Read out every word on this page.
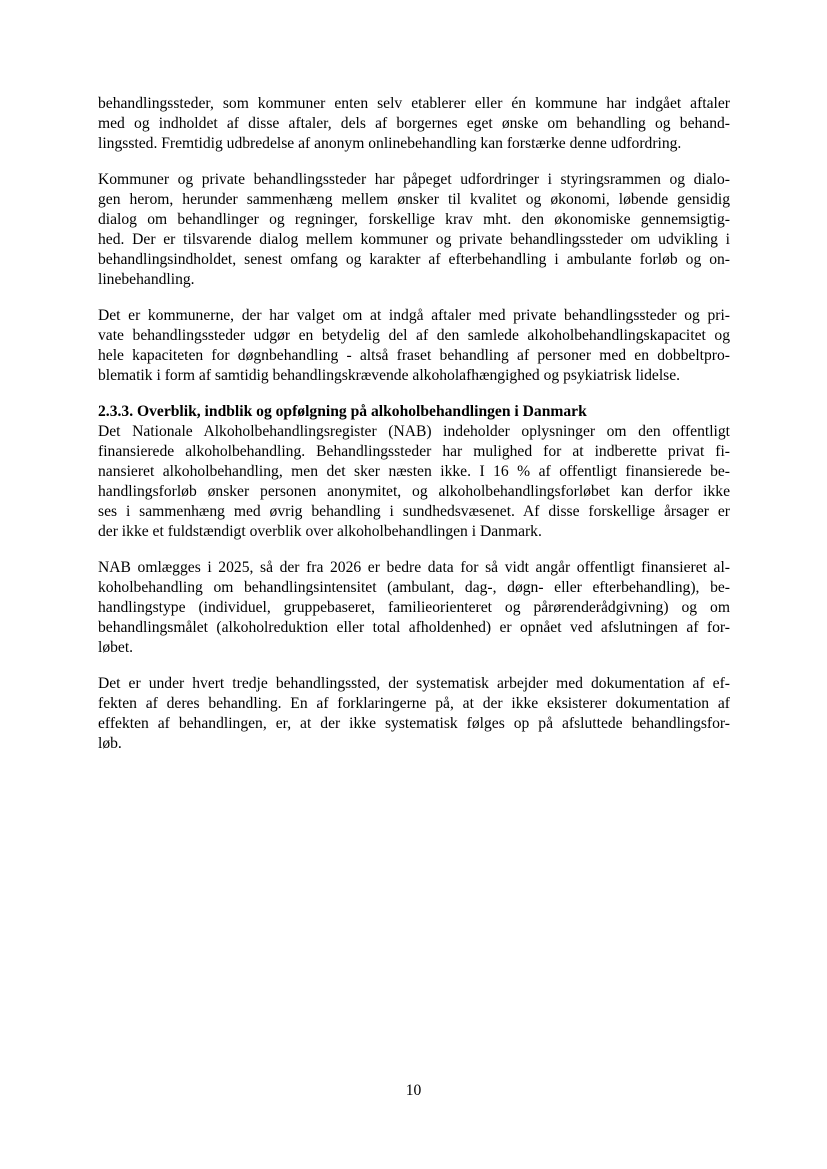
behandlingssteder, som kommuner enten selv etablerer eller én kommune har indgået aftaler
med og indholdet af disse aftaler, dels af borgernes eget ønske om behandling og behand-
lingssted. Fremtidig udbredelse af anonym onlinebehandling kan forstærke denne udfordring.
Kommuner og private behandlingssteder har påpeget udfordringer i styringsrammen og dialo-
gen herom, herunder sammenhæng mellem ønsker til kvalitet og økonomi, løbende gensidig
dialog om behandlinger og regninger, forskellige krav mht. den økonomiske gennemsigtig-
hed. Der er tilsvarende dialog mellem kommuner og private behandlingssteder om udvikling i
behandlingsindholdet, senest omfang og karakter af efterbehandling i ambulante forløb og on-
linebehandling.
Det er kommunerne, der har valget om at indgå aftaler med private behandlingssteder og pri-
vate behandlingssteder udgør en betydelig del af den samlede alkoholbehandlingskapacitet og
hele kapaciteten for døgnbehandling - altså fraset behandling af personer med en dobbeltpro-
blematik i form af samtidig behandlingskrævende alkoholafhængighed og psykiatrisk lidelse.
2.3.3. Overblik, indblik og opfølgning på alkoholbehandlingen i Danmark
Det Nationale Alkoholbehandlingsregister (NAB) indeholder oplysninger om den offentligt
finansierede alkoholbehandling. Behandlingssteder har mulighed for at indberette privat fi-
nansieret alkoholbehandling, men det sker næsten ikke. I 16 % af offentligt finansierede be-
handlingsforløb ønsker personen anonymitet, og alkoholbehandlingsforløbet kan derfor ikke
ses i sammenhæng med øvrig behandling i sundhedsvæsenet. Af disse forskellige årsager er
der ikke et fuldstændigt overblik over alkoholbehandlingen i Danmark.
NAB omlægges i 2025, så der fra 2026 er bedre data for så vidt angår offentligt finansieret al-
koholbehandling om behandlingsintensitet (ambulant, dag-, døgn- eller efterbehandling), be-
handlingstype (individuel, gruppebaseret, familieorienteret og pårørenderådgivning) og om
behandlingsmålet (alkoholreduktion eller total afholdenhed) er opnået ved afslutningen af for-
løbet.
Det er under hvert tredje behandlingssted, der systematisk arbejder med dokumentation af ef-
fekten af deres behandling. En af forklaringerne på, at der ikke eksisterer dokumentation af
effekten af behandlingen, er, at der ikke systematisk følges op på afsluttede behandlingsfor-
løb.
10
